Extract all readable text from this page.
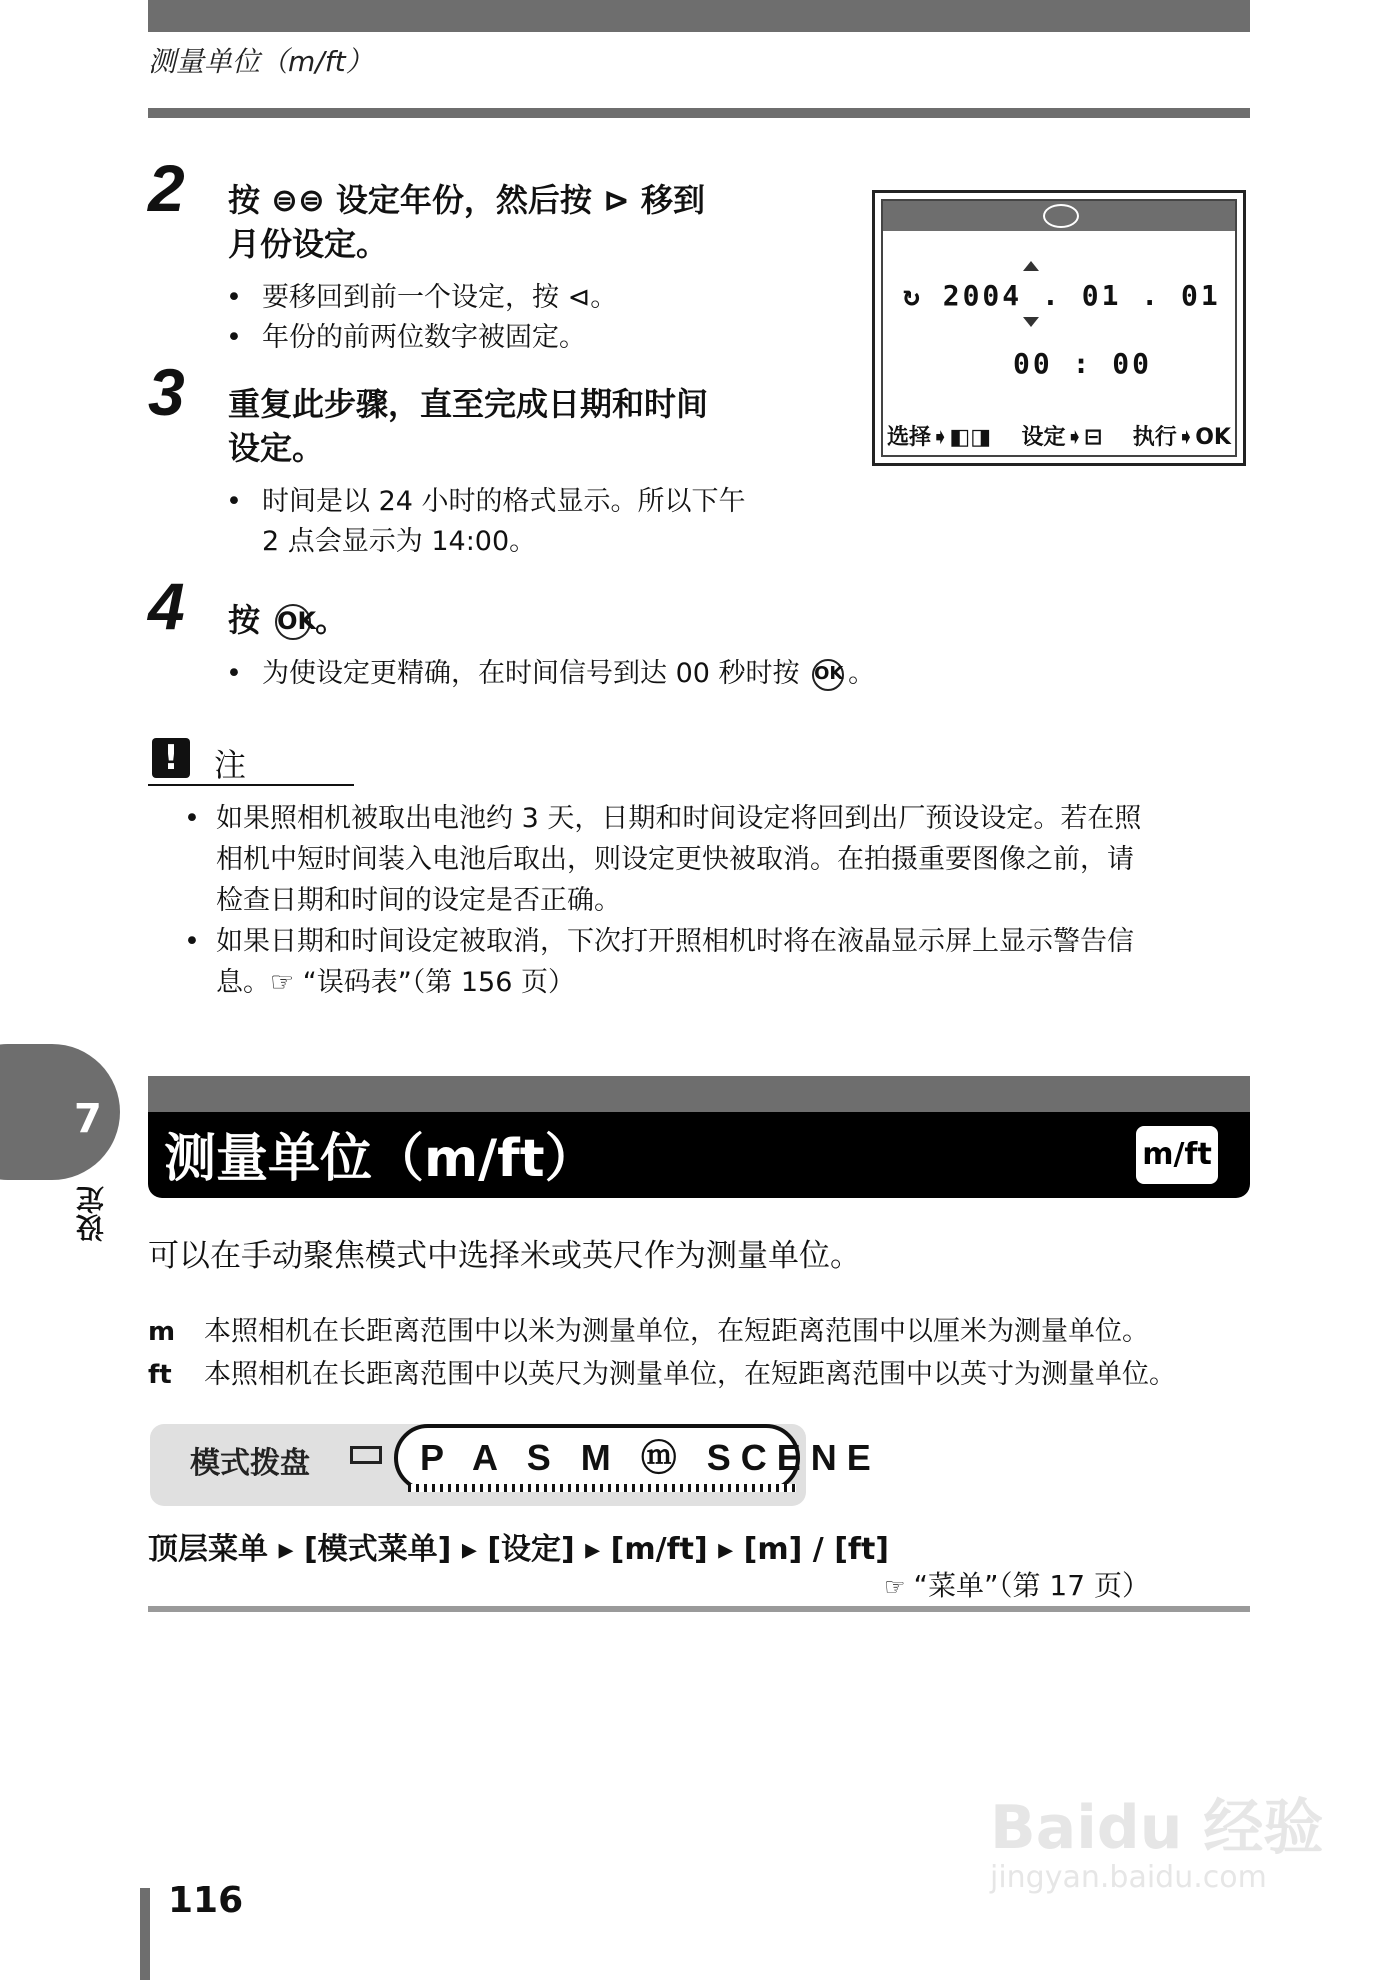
测量单位（m/ft）
2 按 ⊜⊜ 设定年份，然后按 ⊳ 移到
月份设定。
• 要移回到前一个设定，按 ⊲。
• 年份的前两位数字被固定。
3 重复此步骤，直至完成日期和时间
设定。
• 时间是以 24 小时的格式显示。所以下午
2 点会显示为 14:00。
4 按 OK。
• 为使设定更精确，在时间信号到达 00 秒时按 OK 。
↻ 2004 . 01 . 01
00 : 00
选择➧◧◨ 设定➧⊟ 执行➧OK
!	注
• 如果照相机被取出电池约 3 天，日期和时间设定将回到出厂预设设定。若在照
相机中短时间装入电池后取出，则设定更快被取消。在拍摄重要图像之前，请
检查日期和时间的设定是否正确。
• 如果日期和时间设定被取消，下次打开照相机时将在液晶显示屏上显示警告信
息。☞ “误码表”（第 156 页）
7
设定
测量单位（m/ft）	m/ft
可以在手动聚焦模式中选择米或英尺作为测量单位。
m 本照相机在长距离范围中以米为测量单位，在短距离范围中以厘米为测量单位。
ft 本照相机在长距离范围中以英尺为测量单位，在短距离范围中以英寸为测量单位。
模式拨盘	P A S M ⓜ SCENE
顶层菜单 ▸ [模式菜单] ▸ [设定] ▸ [m/ft] ▸ [m] / [ft]
☞ “菜单”（第 17 页）
Baidu 经验
jingyan.baidu.com
116
